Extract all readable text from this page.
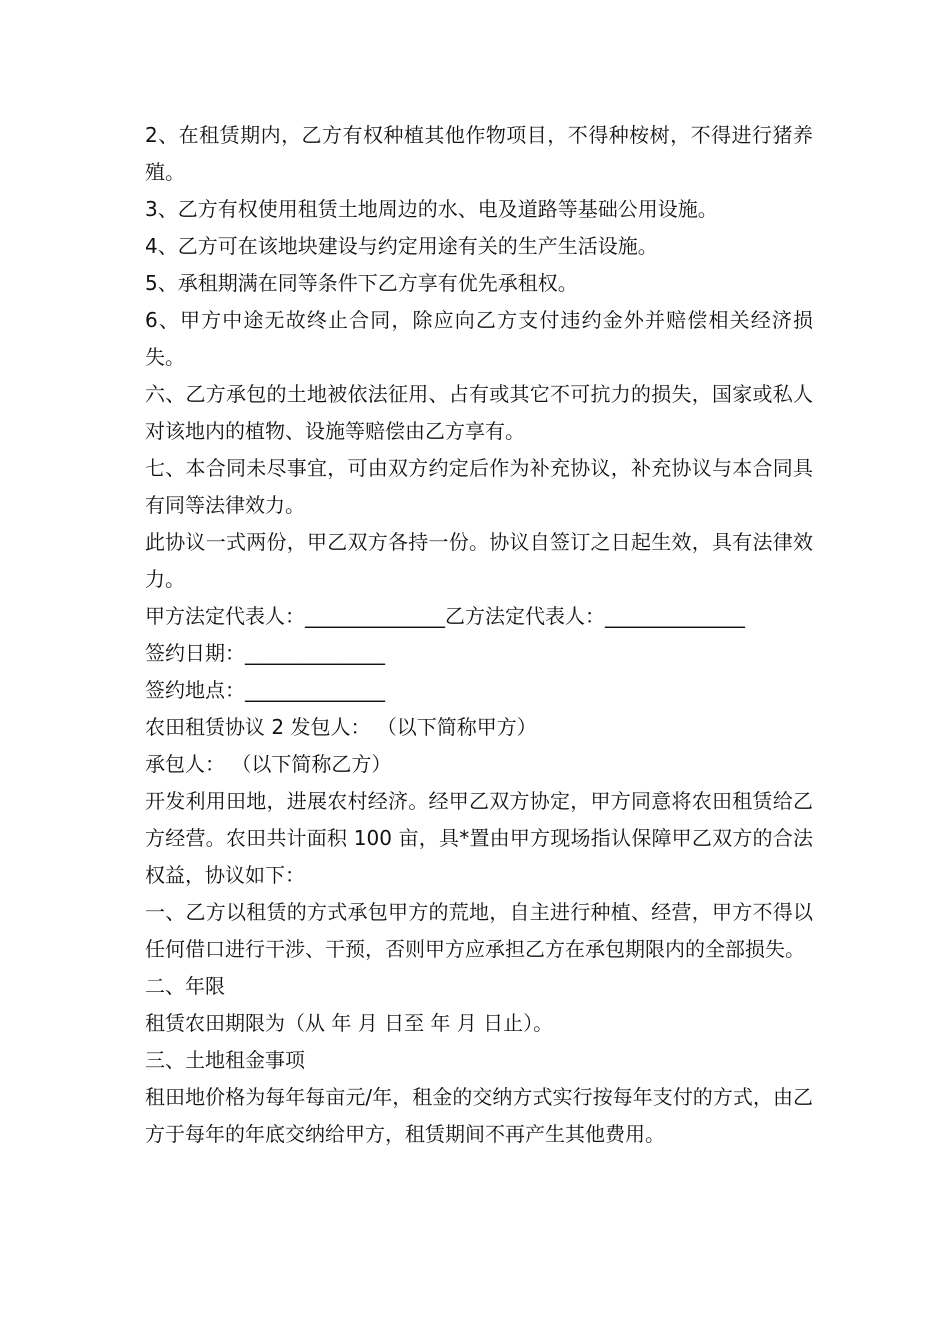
2、在租赁期内，乙方有权种植其他作物项目，不得种桉树，不得进行猪养殖。

3、乙方有权使用租赁土地周边的水、电及道路等基础公用设施。

4、乙方可在该地块建设与约定用途有关的生产生活设施。

5、承租期满在同等条件下乙方享有优先承租权。

6、甲方中途无故终止合同，除应向乙方支付违约金外并赔偿相关经济损失。

六、乙方承包的土地被依法征用、占有或其它不可抗力的损失，国家或私人对该地内的植物、设施等赔偿由乙方享有。

七、本合同未尽事宜，可由双方约定后作为补充协议，补充协议与本合同具有同等法律效力。

此协议一式两份，甲乙双方各持一份。协议自签订之日起生效，具有法律效力。

甲方法定代表人：______________乙方法定代表人：______________

签约日期：______________

签约地点：______________

农田租赁协议 2 发包人： （以下简称甲方）

承包人： （以下简称乙方）

开发利用田地，进展农村经济。经甲乙双方协定，甲方同意将农田租赁给乙方经营。农田共计面积 100 亩，具*置由甲方现场指认保障甲乙双方的合法权益，协议如下：

一、乙方以租赁的方式承包甲方的荒地，自主进行种植、经营，甲方不得以任何借口进行干涉、干预，否则甲方应承担乙方在承包期限内的全部损失。

二、年限

租赁农田期限为（从 年 月 日至 年 月 日止）。

三、土地租金事项

租田地价格为每年每亩元/年，租金的交纳方式实行按每年支付的方式，由乙方于每年的年底交纳给甲方，租赁期间不再产生其他费用。
